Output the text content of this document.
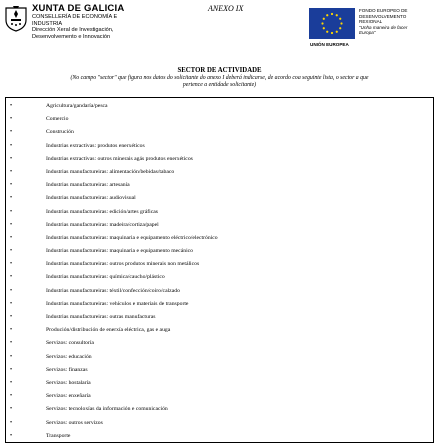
XUNTA DE GALICIA
CONSELLERÍA DE ECONOMÍA E
INDUSTRIA
Dirección Xeral de Investigación,
Desenvolvemento e Innovación
ANEXO IX
UNIÓN EUROPEA
FONDO EUROPEO DE
DESENVOLVEMENTO
REXIONAL
"Unha maneira de facer
Europa"
SECTOR DE ACTIVIDADE
(No campo "sector" que figura nos datos do solicitante do anexo I deberá indicarse, de acordo coa seguinte lista, o sector a que
pertence a entidade solicitante)
•	Agricultura/gandaría/pesca
•	Comercio
•	Construción
•	Industrias extractivas: produtos enerxéticos
•	Industrias extractivas: outros minerais agás produtos enerxéticos
•	Industrias manufactureiras: alimentación/bebidas/tabaco
•	Industrias manufactureiras: artesanía
•	Industrias manufactureiras: audiovisual
•	Industrias manufactureiras: edición/artes gráficas
•	Industrias manufactureiras: madeira/cortiza/papel
•	Industrias manufactureiras: maquinaria e equipamento eléctrico/electrónico
•	Industrias manufactureiras: maquinaria e equipamento mecánico
•	Industrias manufactureiras: outros produtos minerais non metálicos
•	Industrias manufactureiras: química/caucho/plástico
•	Industrias manufactureiras: téxtil/confección/coiro/calzado
•	Industrias manufactureiras: vehículos e materiais de transporte
•	Industrias manufactureiras: outras manufacturas
•	Produción/distribución de enerxía eléctrica, gas e auga
•	Servizos: consultoría
•	Servizos: educación
•	Servizos: finanzas
•	Servizos: hostalaría
•	Servizos: enxeñaría
•	Servizos: tecnoloxías da información e comunicación
•	Servizos: outros servizos
•	Transporte
